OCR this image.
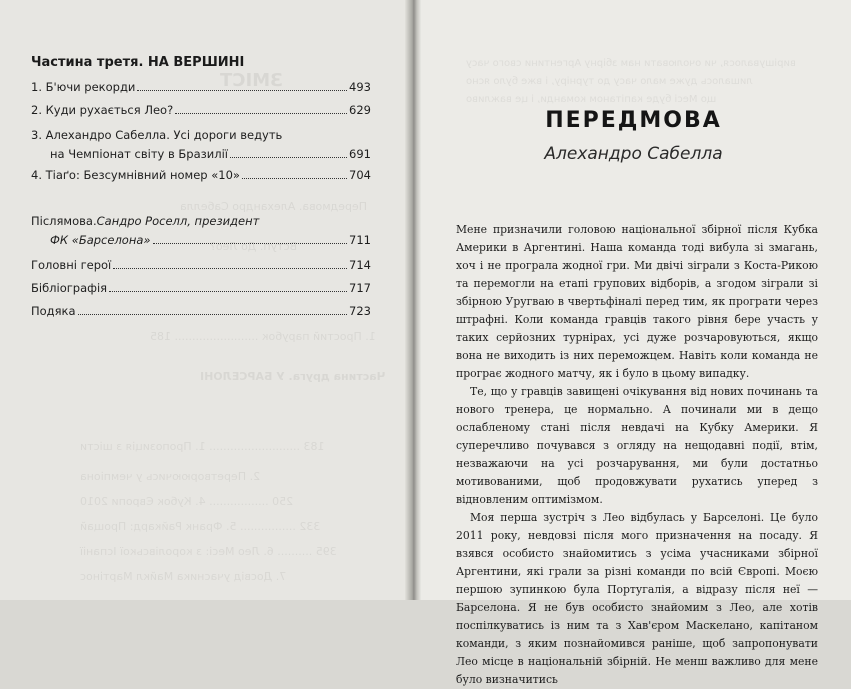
ЗМІСТ
Передмова. Алехандро Сабелла
Вступ. До Лео?
1. Простий парубок ........................ 185
Частина друга. У БАРСЕЛОНІ
183 .......................... 1. Пропозиція з шісти
2. Перетворюючись у чемпіона
250 ................. 4. Кубок Європи 2010
332 ................ 5. Франк Райкард: Прощай
395 .......... 6. Лео Месі: з королівської Іспанії
7. Досвід учасника Майкл Мартінос
Частина третя. НА ВЕРШИНІ
1. Б'ючи рекорди	493
2. Куди рухається Лео?	629
3. Алехандро Сабелла. Усі дороги ведуть
на Чемпіонат світу в Бразилії	691
4. Тіаґо: Безсумнівний номер «10»	704
Післямова. Сандро Роселл, президент
ФК «Барселона»	711
Головні герої	714
Бібліографія	717
Подяка	723
вирішувалося, чи очолювати нам збірну Аргентини свого часу
лишалось дуже мало часу до турніру, і вже було ясно
що Месі буде капітаном команди, і це важливо
ПЕРЕДМОВА
Алехандро Сабелла

Мене призначили головою національної збірної після Кубка Америки в Аргентині. Наша команда тоді вибула зі змагань, хоч і не програла жодної гри. Ми двічі зіграли з Коста-Рикою та перемогли на етапі групових відборів, а згодом зіграли зі збірною Уругваю в чвертьфіналі перед тим, як програти через штрафні. Коли команда гравців такого рівня бере участь у таких серйозних турнірах, усі дуже розчаровуються, якщо вона не виходить із них переможцем. Навіть коли команда не програє жодного матчу, як і було в цьому випадку.

Те, що у гравців завищені очікування від нових починань та нового тренера, це нормально. А починали ми в дещо ослабленому стані після невдачі на Кубку Америки. Я суперечливо почувався з огляду на нещодавні події, втім, незважаючи на усі розчарування, ми були достатньо мотивованими, щоб продовжувати рухатись уперед з відновленим оптимізмом.

Моя перша зустріч з Лео відбулась у Барселоні. Це було 2011 року, невдовзі після мого призначення на посаду. Я взявся особисто знайомитись з усіма учасниками збірної Аргентини, які грали за різні команди по всій Європі. Моєю першою зупинкою була Португалія, а відразу після неї — Барселона. Я не був особисто знайомим з Лео, але хотів поспілкуватись із ним та з Хав'єром Маскелано, капітаном команди, з яким познайомився раніше, щоб запропонувати Лео місце в національній збірній. Не менш важливо для мене було визначитись
